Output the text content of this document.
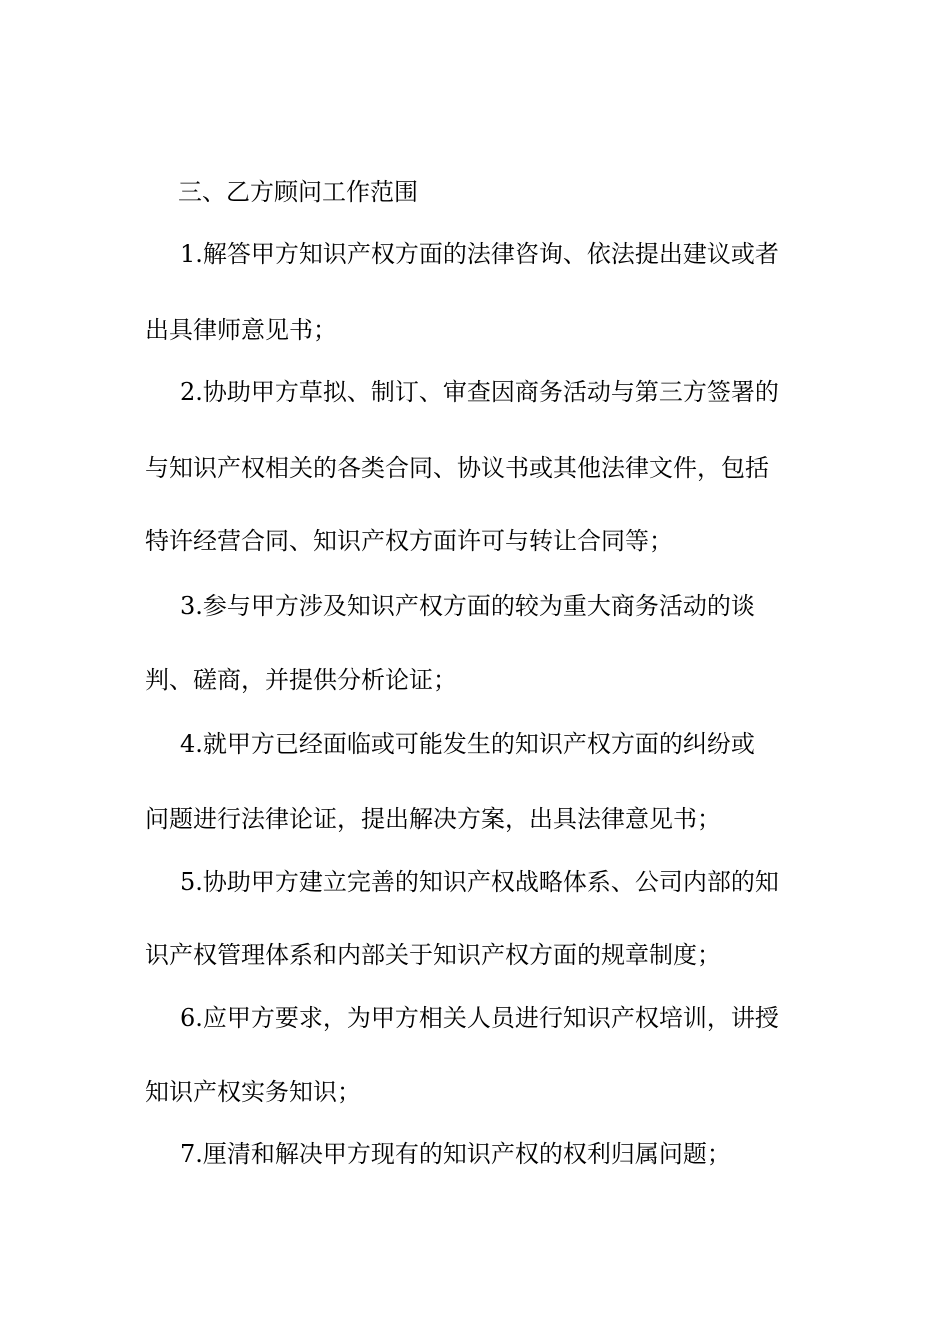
三、乙方顾问工作范围
1.解答甲方知识产权方面的法律咨询、依法提出建议或者
出具律师意见书；
2.协助甲方草拟、制订、审查因商务活动与第三方签署的
与知识产权相关的各类合同、协议书或其他法律文件，包括
特许经营合同、知识产权方面许可与转让合同等；
3.参与甲方涉及知识产权方面的较为重大商务活动的谈
判、磋商，并提供分析论证；
4.就甲方已经面临或可能发生的知识产权方面的纠纷或
问题进行法律论证，提出解决方案，出具法律意见书；
5.协助甲方建立完善的知识产权战略体系、公司内部的知
识产权管理体系和内部关于知识产权方面的规章制度；
6.应甲方要求，为甲方相关人员进行知识产权培训，讲授
知识产权实务知识；
7.厘清和解决甲方现有的知识产权的权利归属问题；
